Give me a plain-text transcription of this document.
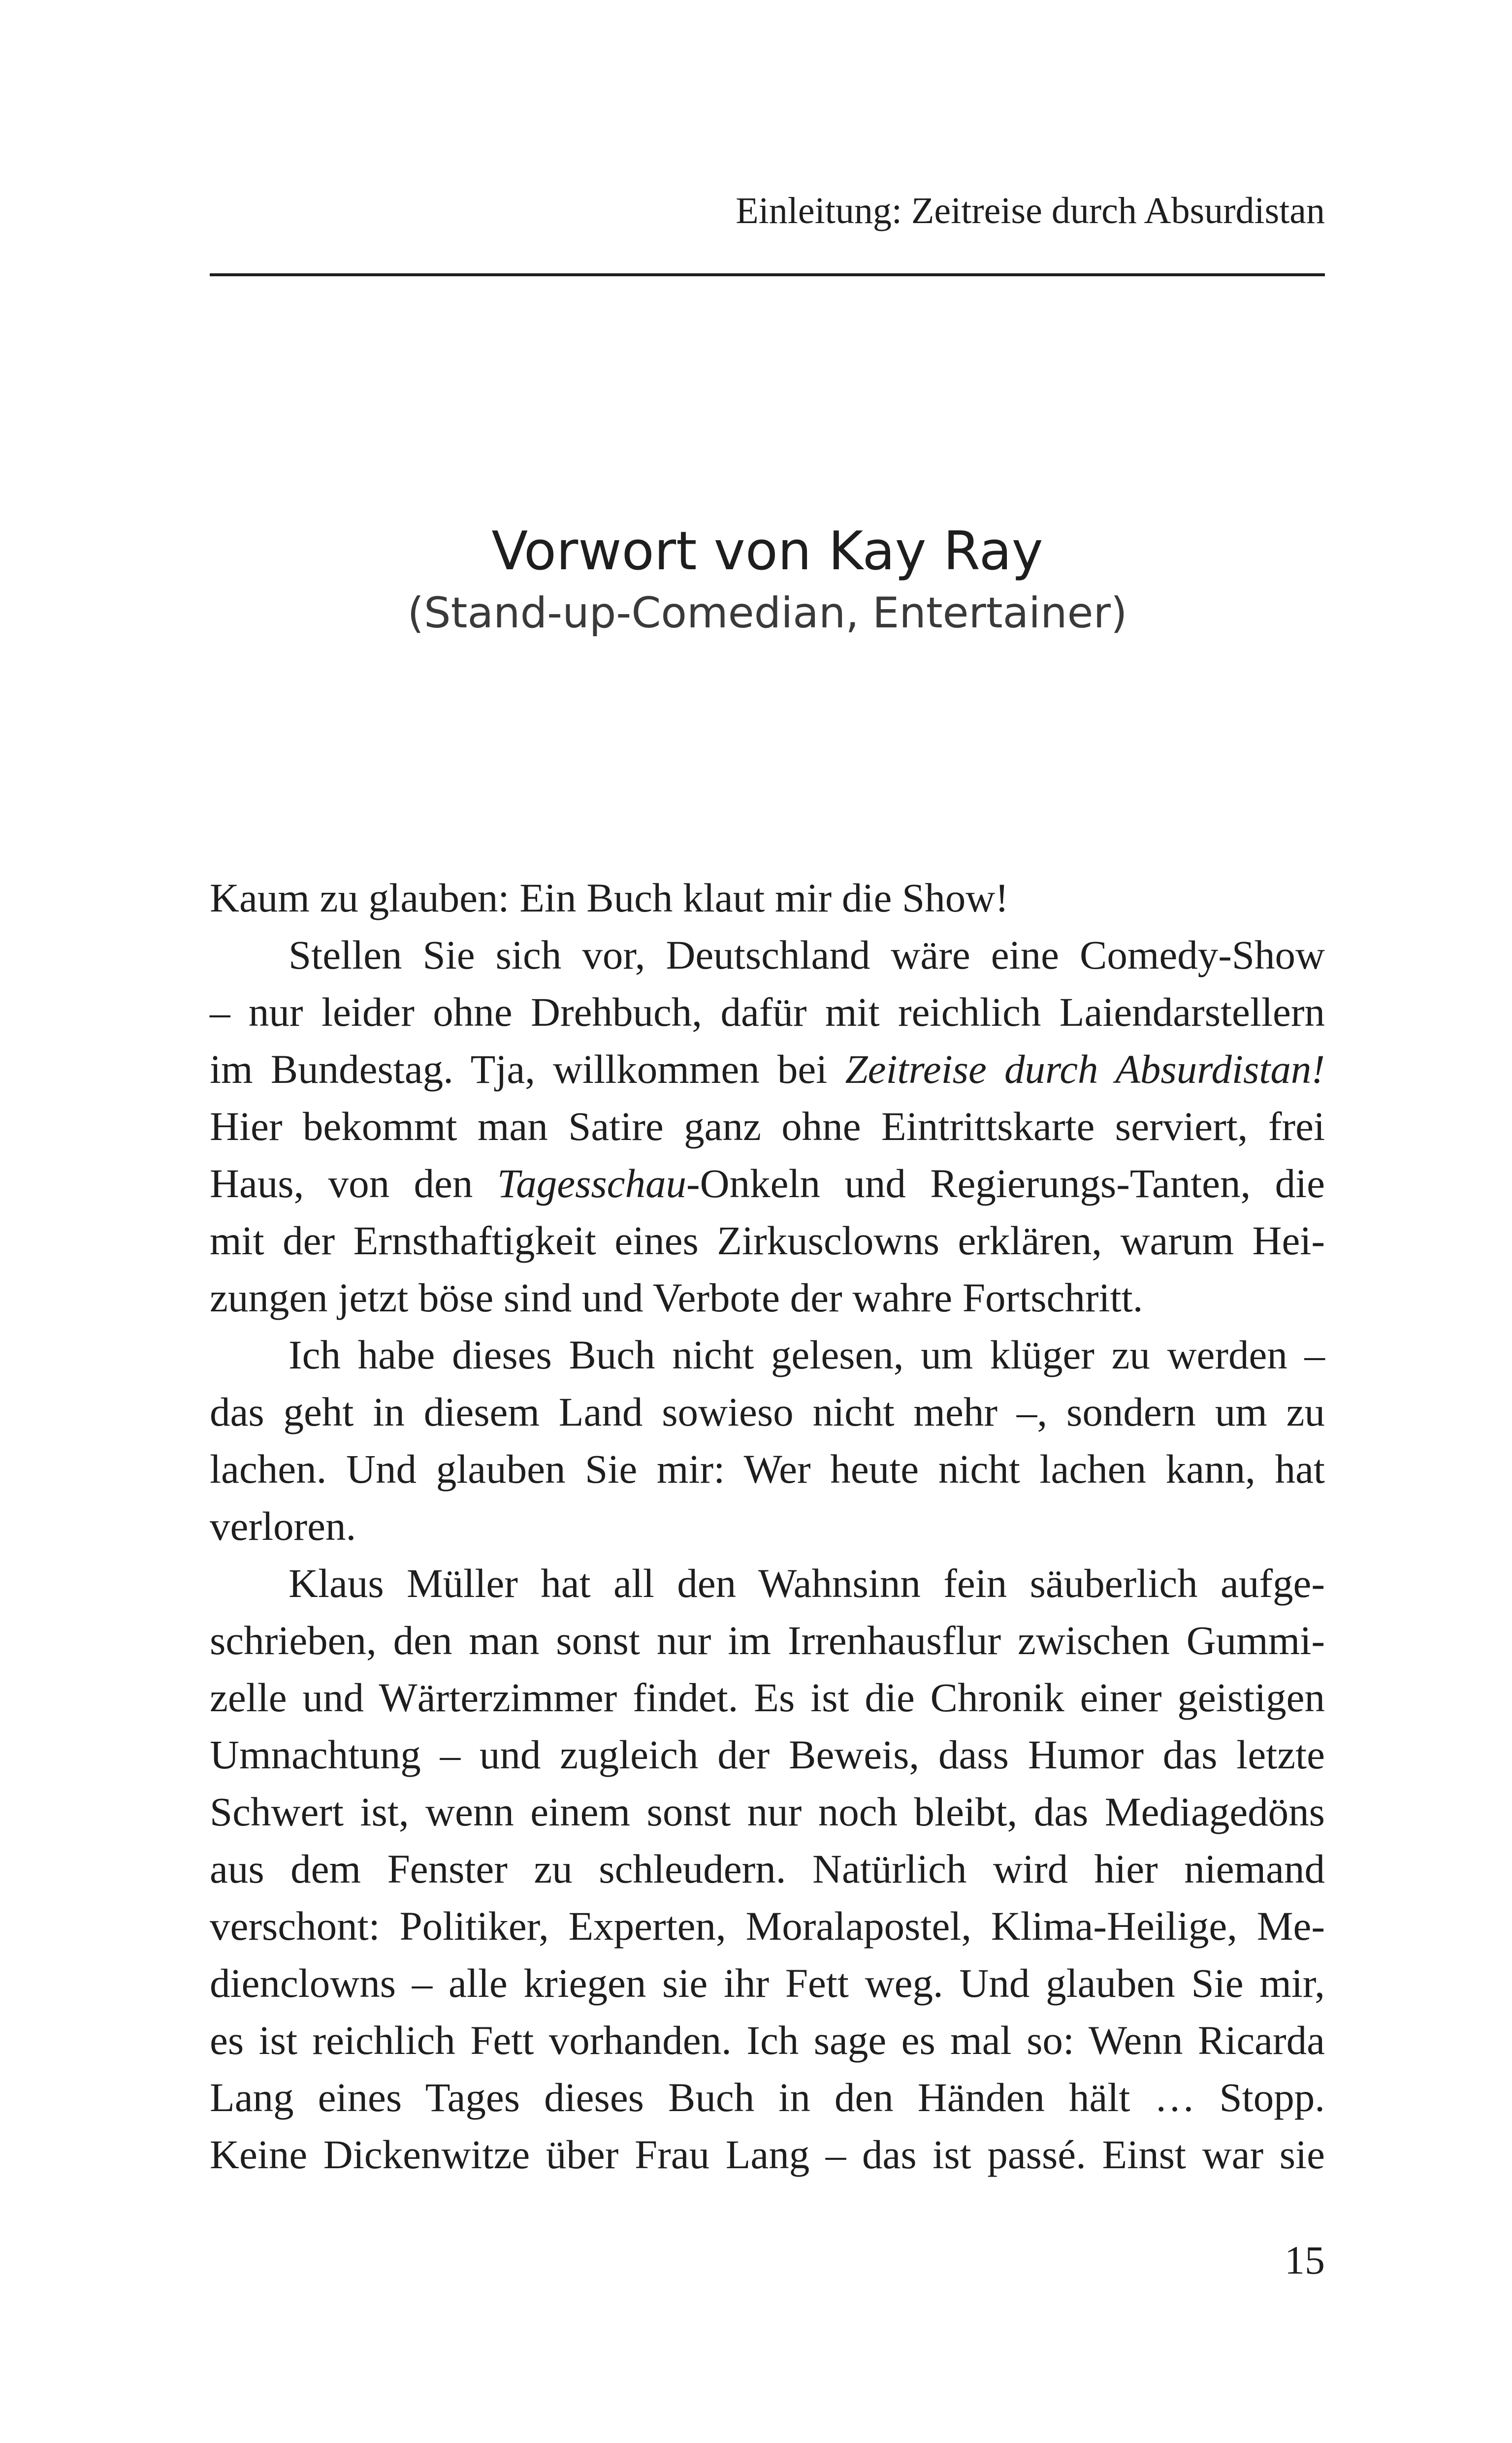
Einleitung: Zeitreise durch Absurdistan
Vorwort von Kay Ray
(Stand-up-Comedian, Entertainer)
Kaum zu glauben: Ein Buch klaut mir die Show!
Stellen Sie sich vor, Deutschland wäre eine Comedy-Show
– nur leider ohne Drehbuch, dafür mit reichlich Laiendarstellern
im Bundestag. Tja, willkommen bei Zeitreise durch Absurdistan!
Hier bekommt man Satire ganz ohne Eintrittskarte serviert, frei
Haus, von den Tagesschau-Onkeln und Regierungs-Tanten, die
mit der Ernsthaftigkeit eines Zirkusclowns erklären, warum Hei-
zungen jetzt böse sind und Verbote der wahre Fortschritt.
Ich habe dieses Buch nicht gelesen, um klüger zu werden –
das geht in diesem Land sowieso nicht mehr –, sondern um zu
lachen. Und glauben Sie mir: Wer heute nicht lachen kann, hat
verloren.
Klaus Müller hat all den Wahnsinn fein säuberlich aufge-
schrieben, den man sonst nur im Irrenhausflur zwischen Gummi-
zelle und Wärterzimmer findet. Es ist die Chronik einer geistigen
Umnachtung – und zugleich der Beweis, dass Humor das letzte
Schwert ist, wenn einem sonst nur noch bleibt, das Mediagedöns
aus dem Fenster zu schleudern. Natürlich wird hier niemand
verschont: Politiker, Experten, Moralapostel, Klima-Heilige, Me-
dienclowns – alle kriegen sie ihr Fett weg. Und glauben Sie mir,
es ist reichlich Fett vorhanden. Ich sage es mal so: Wenn Ricarda
Lang eines Tages dieses Buch in den Händen hält … Stopp.
Keine Dickenwitze über Frau Lang – das ist passé. Einst war sie
15
